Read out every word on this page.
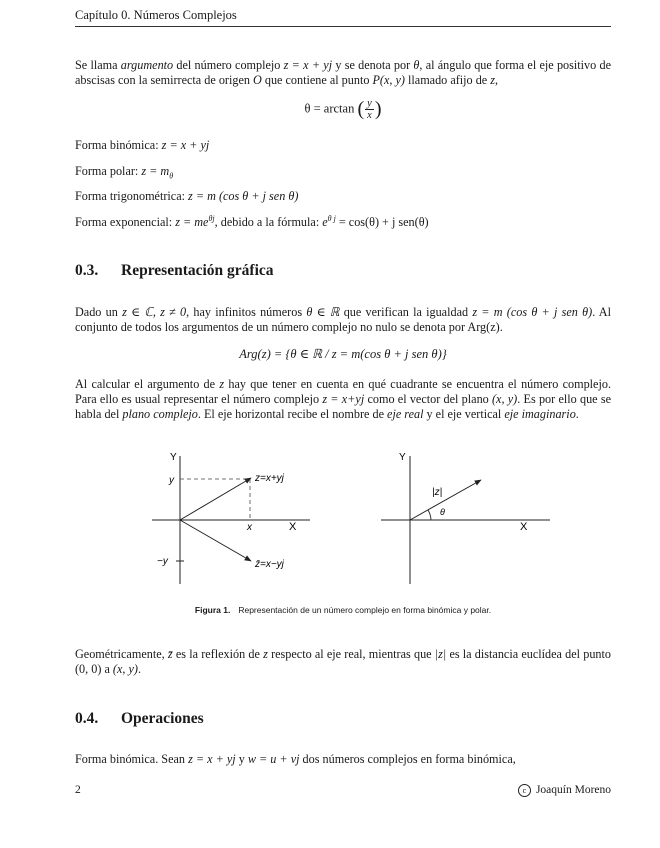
Capítulo 0. Números Complejos

Se llama argumento del número complejo z = x + yj y se denota por θ, al ángulo que forma el eje positivo de abscisas con la semirrecta de origen O que contiene al punto P(x, y) llamado afijo de z,

θ = arctan ( $\frac{y}{x}$ )

Forma binómica: z = x + yj

Forma polar: $z = m_\theta$

Forma trigonométrica: z = m (cos θ + j sen θ)

Forma exponencial: $z = me^{\theta j}$, debido a la fórmula: $e^{\theta j} = \cos(\theta) + j$ sen(θ)

0.3. Representación gráfica

Dado un z ∈ ℂ, z ≠ 0, hay infinitos números θ ∈ ℝ que verifican la igualdad z = m (cos θ + j sen θ). Al conjunto de todos los argumentos de un número complejo no nulo se denota por Arg(z).

Arg(z) = {θ ∈ ℝ / z = m(cos θ + j sen θ)}

Al calcular el argumento de z hay que tener en cuenta en qué cuadrante se encuentra el número complejo. Para ello es usual representar el número complejo z = x+yj como el vector del plano (x, y). Es por ello que se habla del plano complejo. El eje horizontal recibe el nombre de eje real y el eje vertical eje imaginario.

Y
X
y
−y
x
z=x+yj
z̄=x−yj
Y
X
|z|
θ
Figura 1. Representación de un número complejo en forma binómica y polar.

Geométricamente, z̄ es la reflexión de z respecto al eje real, mientras que |z| es la distancia euclídea del punto (0, 0) a (x, y).

0.4. Operaciones

Forma binómica. Sean z = x + yj y w = u + vj dos números complejos en forma binómica,

2	c Joaquín Moreno
